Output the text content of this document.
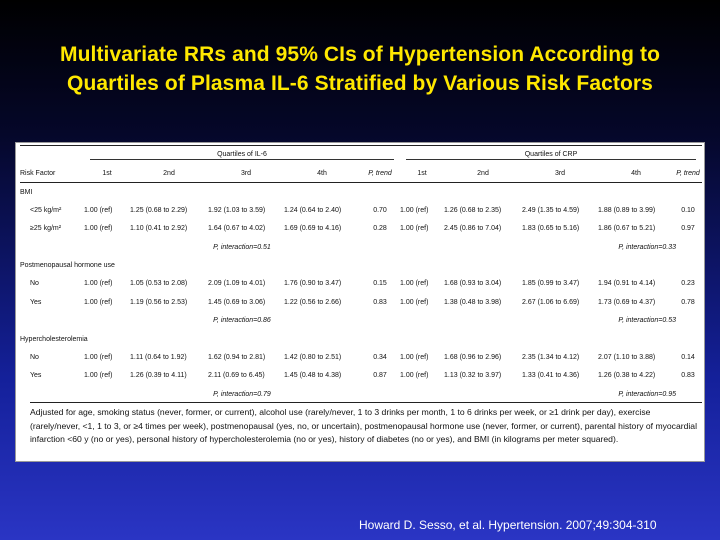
Multivariate RRs and 95% CIs of Hypertension According to
Quartiles of Plasma IL-6 Stratified by Various Risk Factors
	Quartiles of IL-6					Quartiles of CRP				
Risk Factor	1st	2nd	3rd	4th	P, trend	1st	2nd	3rd	4th	P, trend
BMI										
<25 kg/m²	1.00 (ref)	1.25 (0.68 to 2.29)	1.92 (1.03 to 3.59)	1.24 (0.64 to 2.40)	0.70	1.00 (ref)	1.26 (0.68 to 2.35)	2.49 (1.35 to 4.59)	1.88 (0.89 to 3.99)	0.10
≥25 kg/m²	1.00 (ref)	1.10 (0.41 to 2.92)	1.64 (0.67 to 4.02)	1.69 (0.69 to 4.16)	0.28	1.00 (ref)	2.45 (0.86 to 7.04)	1.83 (0.65 to 5.16)	1.86 (0.67 to 5.21)	0.97
	P, interaction=0.51					P, interaction=0.33				
Postmenopausal hormone use										
No	1.00 (ref)	1.05 (0.53 to 2.08)	2.09 (1.09 to 4.01)	1.76 (0.90 to 3.47)	0.15	1.00 (ref)	1.68 (0.93 to 3.04)	1.85 (0.99 to 3.47)	1.94 (0.91 to 4.14)	0.23
Yes	1.00 (ref)	1.19 (0.56 to 2.53)	1.45 (0.69 to 3.06)	1.22 (0.56 to 2.66)	0.83	1.00 (ref)	1.38 (0.48 to 3.98)	2.67 (1.06 to 6.69)	1.73 (0.69 to 4.37)	0.78
	P, interaction=0.86					P, interaction=0.53				
Hypercholesterolemia										
No	1.00 (ref)	1.11 (0.64 to 1.92)	1.62 (0.94 to 2.81)	1.42 (0.80 to 2.51)	0.34	1.00 (ref)	1.68 (0.96 to 2.96)	2.35 (1.34 to 4.12)	2.07 (1.10 to 3.88)	0.14
Yes	1.00 (ref)	1.26 (0.39 to 4.11)	2.11 (0.69 to 6.45)	1.45 (0.48 to 4.38)	0.87	1.00 (ref)	1.13 (0.32 to 3.97)	1.33 (0.41 to 4.36)	1.26 (0.38 to 4.22)	0.83
	P, interaction=0.79					P, interaction=0.95				
Adjusted for age, smoking status (never, former, or current), alcohol use (rarely/never, 1 to 3 drinks per month, 1 to 6 drinks per week, or ≥1 drink per day), exercise (rarely/never, <1, 1 to 3, or ≥4 times per week), postmenopausal (yes, no, or uncertain), postmenopausal hormone use (never, former, or current), parental history of myocardial infarction <60 y (no or yes), personal history of hypercholesterolemia (no or yes), history of diabetes (no or yes), and BMI (in kilograms per meter squared).
Howard D. Sesso, et al. Hypertension. 2007;49:304-310
